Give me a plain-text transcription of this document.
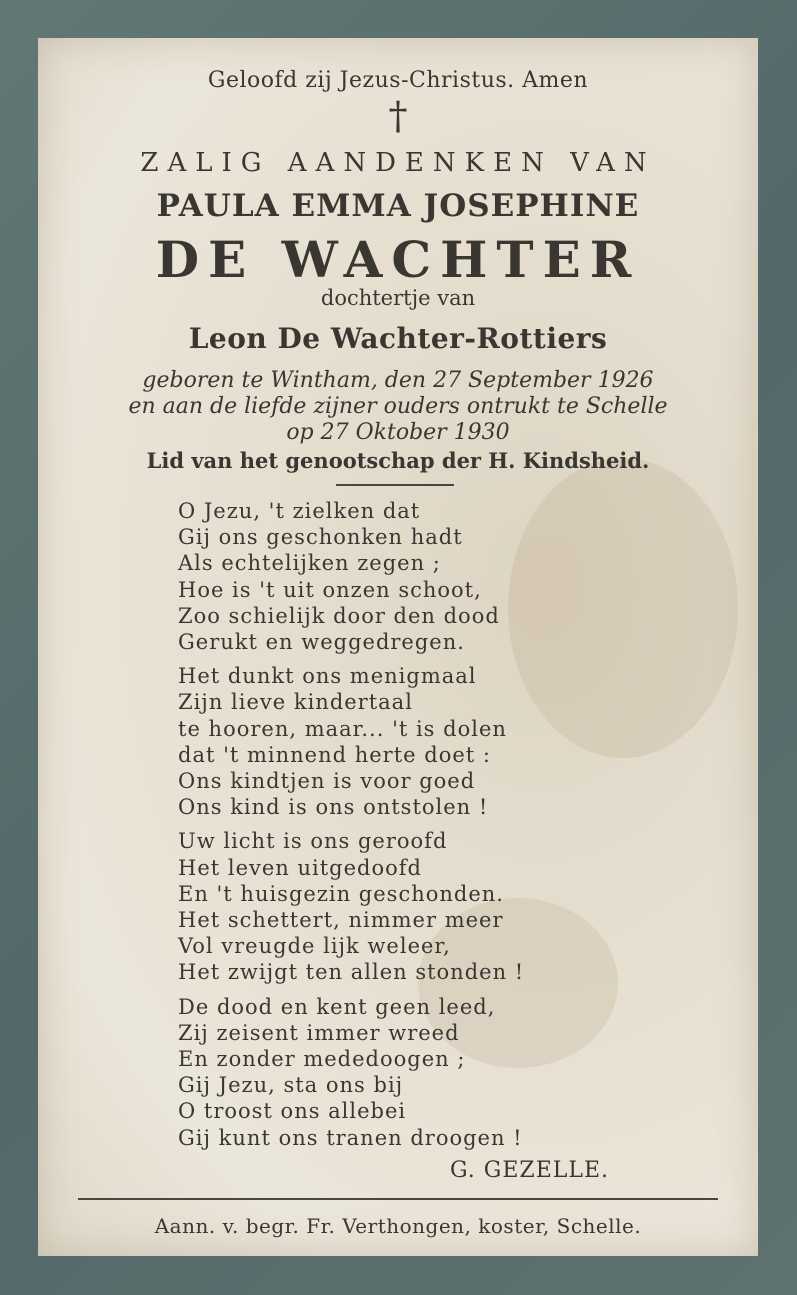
Geloofd zij Jezus-Christus. Amen
†
ZALIG AANDENKEN VAN
PAULA EMMA JOSEPHINE
DE WACHTER
dochtertje van
Leon De Wachter-Rottiers
geboren te Wintham, den 27 September 1926
en aan de liefde zijner ouders ontrukt te Schelle
op 27 Oktober 1930
Lid van het genootschap der H. Kindsheid.
O Jezu, 't zielken dat
Gij ons geschonken hadt
Als echtelijken zegen ;
Hoe is 't uit onzen schoot,
Zoo schielijk door den dood
Gerukt en weggedregen.
Het dunkt ons menigmaal
Zijn lieve kindertaal
te hooren, maar... 't is dolen
dat 't minnend herte doet :
Ons kindtjen is voor goed
Ons kind is ons ontstolen !
Uw licht is ons geroofd
Het leven uitgedoofd
En 't huisgezin geschonden.
Het schettert, nimmer meer
Vol vreugde lijk weleer,
Het zwijgt ten allen stonden !
De dood en kent geen leed,
Zij zeisent immer wreed
En zonder mededoogen ;
Gij Jezu, sta ons bij
O troost ons allebei
Gij kunt ons tranen droogen !
G. GEZELLE.
Aann. v. begr. Fr. Verthongen, koster, Schelle.
